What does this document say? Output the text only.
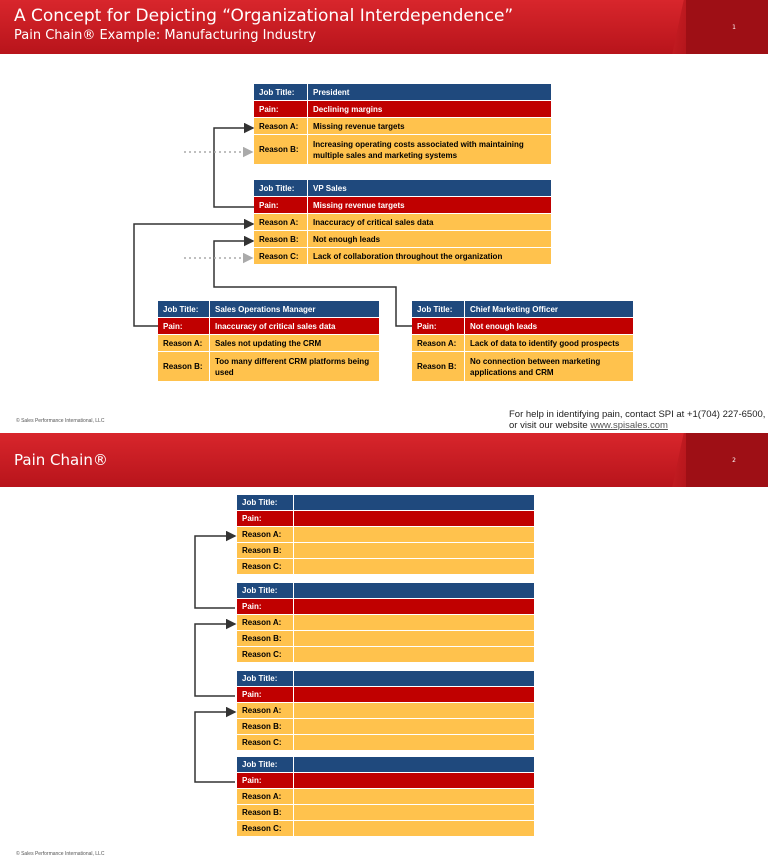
A Concept for Depicting “Organizational Interdependence”
Pain Chain® Example: Manufacturing Industry
1
Job Title:	President
Pain:	Declining margins
Reason A:	Missing revenue targets
Reason B:
Increasing operating costs associated with maintaining multiple sales and marketing systems
Job Title:	VP Sales
Pain:	Missing revenue targets
Reason A:	Inaccuracy of critical sales data
Reason B:	Not enough leads
Reason C:	Lack of collaboration throughout the organization
Job Title:	Sales Operations Manager
Pain:	Inaccuracy of critical sales data
Reason A:	Sales not updating the CRM
Reason B:
Too many different CRM platforms being used
Job Title:	Chief Marketing Officer
Pain:	Not enough leads
Reason A:	Lack of data to identify good prospects
Reason B:
No connection between marketing applications and CRM
© Sales Performance International, LLC
For help in identifying pain, contact SPI at +1(704) 227-6500,
or visit our website www.spisales.com
Pain Chain®	2
Job Title:
Pain:
Reason A:
Reason B:
Reason C:
Job Title:
Pain:
Reason A:
Reason B:
Reason C:
Job Title:
Pain:
Reason A:
Reason B:
Reason C:
Job Title:
Pain:
Reason A:
Reason B:
Reason C:
© Sales Performance International, LLC
